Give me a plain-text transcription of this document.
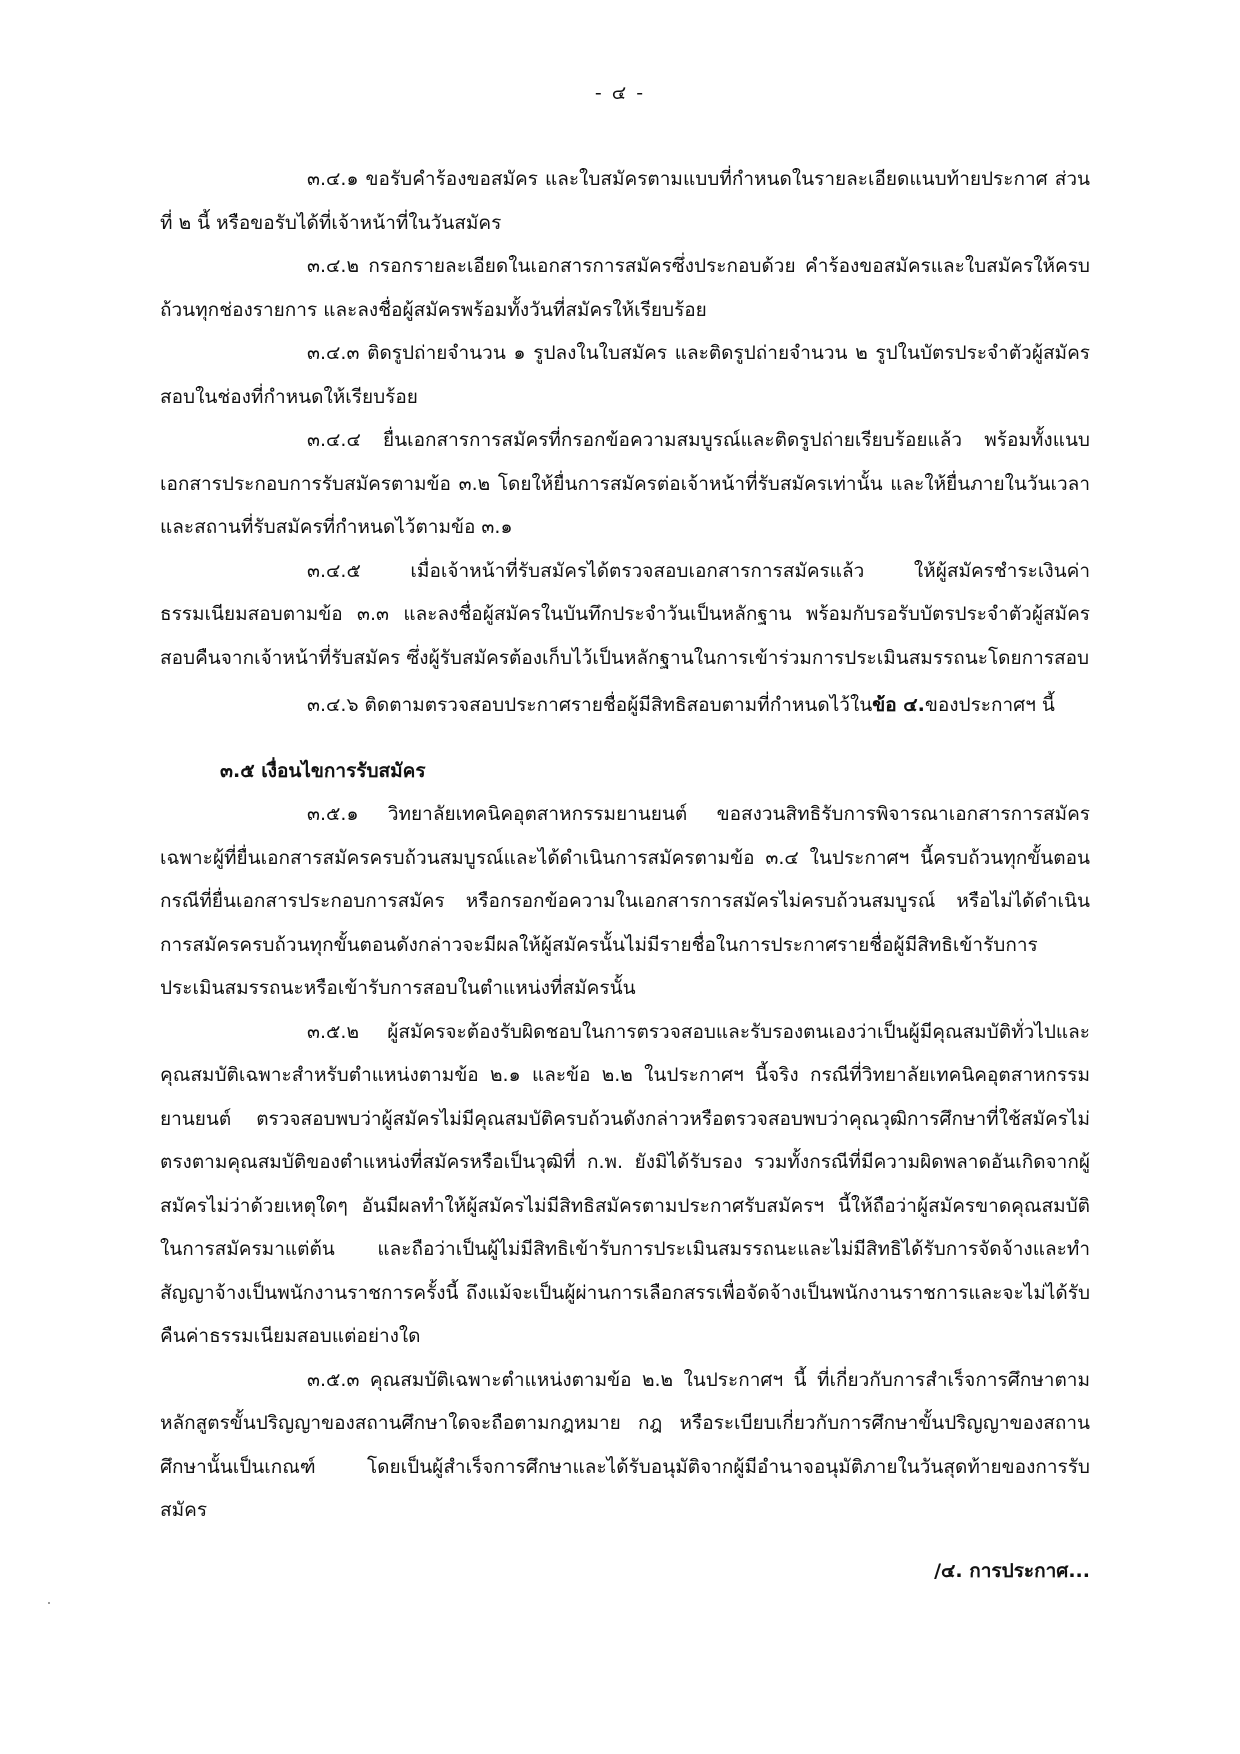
- ๔ -

๓.๔.๑ ขอรับคำร้องขอสมัคร และใบสมัครตามแบบที่กำหนดในรายละเอียดแนบท้ายประกาศ ส่วนที่ ๒ นี้ หรือขอรับได้ที่เจ้าหน้าที่ในวันสมัคร

๓.๔.๒ กรอกรายละเอียดในเอกสารการสมัครซึ่งประกอบด้วย คำร้องขอสมัครและใบสมัครให้ครบถ้วนทุกช่องรายการ และลงชื่อผู้สมัครพร้อมทั้งวันที่สมัครให้เรียบร้อย

๓.๔.๓ ติดรูปถ่ายจำนวน ๑ รูปลงในใบสมัคร และติดรูปถ่ายจำนวน ๒ รูปในบัตรประจำตัวผู้สมัครสอบในช่องที่กำหนดให้เรียบร้อย

๓.๔.๔ ยื่นเอกสารการสมัครที่กรอกข้อความสมบูรณ์และติดรูปถ่ายเรียบร้อยแล้ว พร้อมทั้งแนบเอกสารประกอบการรับสมัครตามข้อ ๓.๒ โดยให้ยื่นการสมัครต่อเจ้าหน้าที่รับสมัครเท่านั้น และให้ยื่นภายในวันเวลาและสถานที่รับสมัครที่กำหนดไว้ตามข้อ ๓.๑

๓.๔.๕ เมื่อเจ้าหน้าที่รับสมัครได้ตรวจสอบเอกสารการสมัครแล้ว ให้ผู้สมัครชำระเงินค่าธรรมเนียมสอบตามข้อ ๓.๓ และลงชื่อผู้สมัครในบันทึกประจำวันเป็นหลักฐาน พร้อมกับรอรับบัตรประจำตัวผู้สมัครสอบคืนจากเจ้าหน้าที่รับสมัคร ซึ่งผู้รับสมัครต้องเก็บไว้เป็นหลักฐานในการเข้าร่วมการประเมินสมรรถนะโดยการสอบ

๓.๔.๖ ติดตามตรวจสอบประกาศรายชื่อผู้มีสิทธิสอบตามที่กำหนดไว้ในข้อ ๔.ของประกาศฯ นี้

๓.๕ เงื่อนไขการรับสมัคร

๓.๕.๑ วิทยาลัยเทคนิคอุตสาหกรรมยานยนต์ ขอสงวนสิทธิรับการพิจารณาเอกสารการสมัครเฉพาะผู้ที่ยื่นเอกสารสมัครครบถ้วนสมบูรณ์และได้ดำเนินการสมัครตามข้อ ๓.๔ ในประกาศฯ นี้ครบถ้วนทุกขั้นตอน กรณีที่ยื่นเอกสารประกอบการสมัคร หรือกรอกข้อความในเอกสารการสมัครไม่ครบถ้วนสมบูรณ์ หรือไม่ได้ดำเนินการสมัครครบถ้วนทุกขั้นตอนดังกล่าวจะมีผลให้ผู้สมัครนั้นไม่มีรายชื่อในการประกาศรายชื่อผู้มีสิทธิเข้ารับการประเมินสมรรถนะหรือเข้ารับการสอบในตำแหน่งที่สมัครนั้น

๓.๕.๒ ผู้สมัครจะต้องรับผิดชอบในการตรวจสอบและรับรองตนเองว่าเป็นผู้มีคุณสมบัติทั่วไปและคุณสมบัติเฉพาะสำหรับตำแหน่งตามข้อ ๒.๑ และข้อ ๒.๒ ในประกาศฯ นี้จริง กรณีที่วิทยาลัยเทคนิคอุตสาหกรรมยานยนต์ ตรวจสอบพบว่าผู้สมัครไม่มีคุณสมบัติครบถ้วนดังกล่าวหรือตรวจสอบพบว่าคุณวุฒิการศึกษาที่ใช้สมัครไม่ตรงตามคุณสมบัติของตำแหน่งที่สมัครหรือเป็นวุฒิที่ ก.พ. ยังมิได้รับรอง รวมทั้งกรณีที่มีความผิดพลาดอันเกิดจากผู้สมัครไม่ว่าด้วยเหตุใดๆ อันมีผลทำให้ผู้สมัครไม่มีสิทธิสมัครตามประกาศรับสมัครฯ นี้ให้ถือว่าผู้สมัครขาดคุณสมบัติในการสมัครมาแต่ต้น และถือว่าเป็นผู้ไม่มีสิทธิเข้ารับการประเมินสมรรถนะและไม่มีสิทธิได้รับการจัดจ้างและทำสัญญาจ้างเป็นพนักงานราชการครั้งนี้ ถึงแม้จะเป็นผู้ผ่านการเลือกสรรเพื่อจัดจ้างเป็นพนักงานราชการและจะไม่ได้รับคืนค่าธรรมเนียมสอบแต่อย่างใด

๓.๕.๓ คุณสมบัติเฉพาะตำแหน่งตามข้อ ๒.๒ ในประกาศฯ นี้ ที่เกี่ยวกับการสำเร็จการศึกษาตามหลักสูตรขั้นปริญญาของสถานศึกษาใดจะถือตามกฎหมาย กฎ หรือระเบียบเกี่ยวกับการศึกษาขั้นปริญญาของสถานศึกษานั้นเป็นเกณฑ์ โดยเป็นผู้สำเร็จการศึกษาและได้รับอนุมัติจากผู้มีอำนาจอนุมัติภายในวันสุดท้ายของการรับสมัคร

/๔. การประกาศ...
